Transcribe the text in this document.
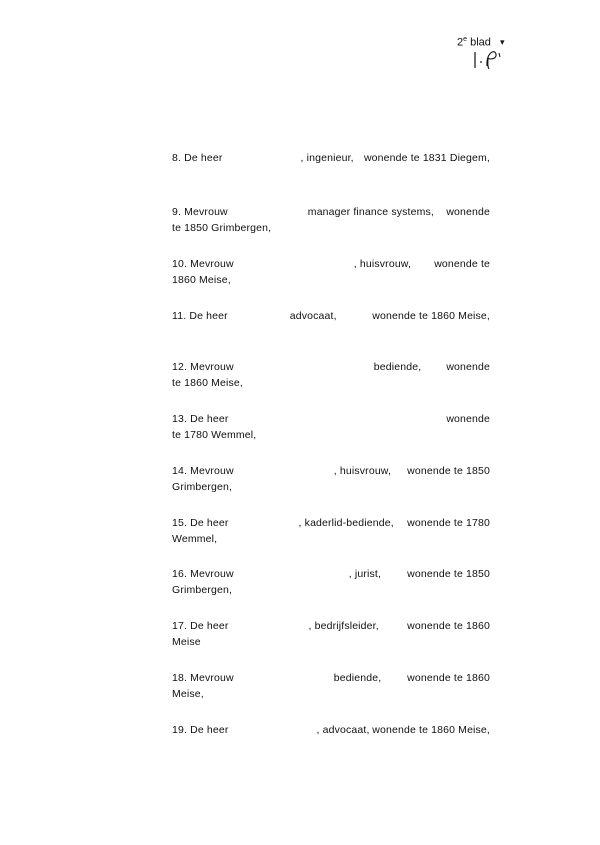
2e blad ▾
8. De heer	, ingenieur, wonende te 1831 Diegem,
9. Mevrouw	manager finance systems, wonende
te 1850 Grimbergen,
10. Mevrouw	, huisvrouw, wonende te
1860 Meise,
11. De heer	advocaat,	wonende te 1860 Meise,
12. Mevrouw	bediende, wonende
te 1860 Meise,
13. De heer	wonende
te 1780 Wemmel,
14. Mevrouw	, huisvrouw, wonende te 1850
Grimbergen,
15. De heer	, kaderlid-bediende, wonende te 1780
Wemmel,
16. Mevrouw	, jurist, wonende te 1850
Grimbergen,
17. De heer	, bedrijfsleider,	wonende te 1860
Meise
18. Mevrouw	bediende, wonende te 1860
Meise,
19. De heer	, advocaat, wonende te 1860 Meise,
